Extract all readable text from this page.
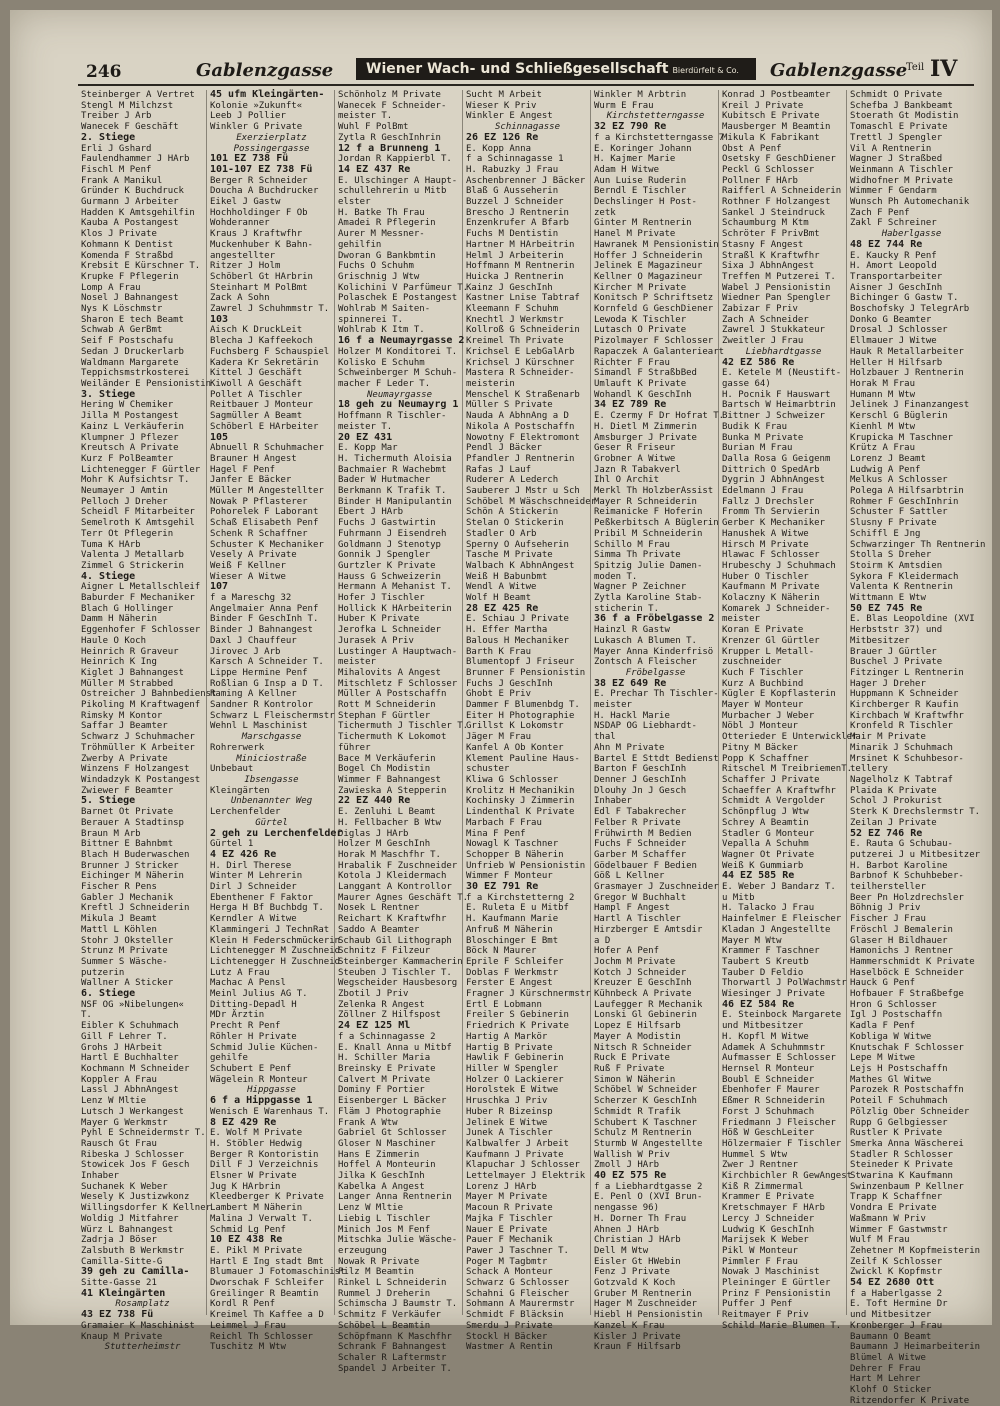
246	Gablenzgasse	Wiener Wach- und Schließgesellschaft Bierdürfelt & Co.	Gablenzgasse
Teil IV
Steinberger A Vertret
Stengl M Milchzst
Treiber J Arb
Wanecek F Geschäft
2. Stiege
Erli J Gshard
Faulendhammer J HArb
Fischl M Penf
Frank A Manikul
Gründer K Buchdruck
Gurmann J Arbeiter
Hadden K Amtsgehilfin
Kauba A Postangest
Klos J Private
Kohmann K Dentist
Komenda F Straßbd
Krebsit E Kürschner T.
Krupke F Pflegerin
Lomp A Frau
Nosel J Bahnangest
Nys K Löschmstr
Sharon E tech Beamt
Schwab A GerBmt
Seif F Postschafu
Sedan J Druckerlarb
Waldmann Margarete
Teppichsmstrkosterei
Weiländer E Pensionistin
3. Stiege
Hering W Chemiker
Jilla M Postangest
Kainz L Verkäuferin
Klumpner J Pflezer
Kreutsch A Private
Kurz F PolBeamter
Lichtenegger F Gürtler
Mohr K Aufsichtsr T.
Neumayer J Amtin
Pelloch J Dreher
Scheidl F Mitarbeiter
Semelroth K Amtsgehil
Terr Ot Pflegerin
Tuma K HArb
Valenta J Metallarb
Zimmel G Strickerin
4. Stiege
Aigner L Metallschleif
Baburder F Mechaniker
Blach G Hollinger
Damm H Näherin
Eggenhofer F Schlosser
Haule O Koch
Heinrich R Graveur
Heinrich K Ing
Kiglet J Bahnangest
Müller M Strabbed
Ostreicher J Bahnbedienst
Pikoling M Kraftwagenf
Rimsky M Kontor
Saffar J Beamter
Schwarz J Schuhmacher
Tröhmüller K Arbeiter
Zwerby A Private
Winzens F Holzangest
Windadzyk K Postangest
Zwiewer F Beamter
5. Stiege
Barnet Ot Private
Berauer A Stadtinsp
Braun M Arb
Bittner E Bahnbmt
Blach H Buderwaschen
Brunner J Stricker
Eichinger M Näherin
Fischer R Pens
Gabler J Mechanik
Kreftl J Schneiderin
Mikula J Beamt
Mattl L Köhlen
Stohr J Oksteller
Strunz M Private
Summer S Wäsche-
putzerin
Wallner A Sticker
6. Stiege
NSF OG »Nibelungen«
T.
Eibler K Schuhmach
Gill F Lehrer T.
Grohs J HArbeit
Hartl E Buchhalter
Kochmann M Schneider
Koppler A Frau
Lassl J AbhnAngest
Lenz W Mltie
Lutsch J Werkangest
Mayer G Werkmstr
Pyhl E Schneidermstr T.
Rausch Gt Frau
Ribeska J Schlosser
Stowicek Jos F Gesch
Inhaber
Suchanek K Weber
Wesely K Justizwkonz
Willingsdorfer K Kellner
Woldig J Mitfahrer
Würz L Bahnangest
Zadrja J Böser
Zalsbuth B Werkmstr
Camilla-Sitte-G
39 geh zu Camilla-
Sitte-Gasse 21
41 Kleingärten
Rosamplatz
43 EZ 738 Fü
Gramaier K Maschinist
Knaup M Private
Stutterheimstr
45 ufm Kleingärten-
Kolonie »Zukunft«
Leeb J Pollier
Winkler G Private
Exerzierplatz
Possingergasse
101 EZ 738 Fü
101-107 EZ 738 Fü
Berger R Schneider
Doucha A Buchdrucker
Eikel J Gastw
Hochholdinger F Ob
Wohderanner
Kraus J Kraftwfhr
Muckenhuber K Bahn-
angestellter
Ritzer J Holm
Schöberl Gt HArbrin
Steinhart M PolBmt
Zack A Sohn
Zawrel J Schuhmmstr T.
103
Aisch K DruckLeit
Blecha J Kaffeekoch
Fuchsberg F Schauspiel
Kadera Kr Sekretärin
Kittel J Geschäft
Kiwoll A Geschäft
Pollet A Tischler
Reitbauer J Monteur
Sagmüller A Beamt
Schöberl E HArbeiter
105
Abnuell R Schuhmacher
Brauner H Angest
Hagel F Penf
Janfer E Bäcker
Müller M Angestellter
Nowak P Pflasterer
Pohorelek F Laborant
Schaß Elisabeth Penf
Schenk R Schaffner
Schuster K Mechaniker
Vesely A Private
Weiß F Kellner
Wieser A Witwe
107
f a Mareschg 32
Angelmaier Anna Penf
Binder F GeschInh T.
Binder J Bahnangest
Daxl J Chauffeur
Jirovec J Arb
Karsch A Schneider T.
Lippe Hermine Penf
Roßlian G Insp a D T.
Raming A Kellner
Sandner R Kontrolor
Schwarz L Fleischermstr
Wehnl L Maschinist
Marschgasse
Rohrerwerk
Miniciostraße
Unbebaut
Ibsengasse
Kleingärten
Unbenannter Weg
Lerchenfelder
Gürtel
2 geh zu Lerchenfelder
Gürtel 1
4 EZ 426 Re
H. Dirl Therese
Winter M Lehrerin
Dirl J Schneider
Ebenthener F Faktor
Herga H Bf Buchbdg T.
Kerndler A Witwe
Klammingeri J TechnRat
Klein H Federschmückerin
Lichtenegger M Zuschneid
Lichtenegger H Zuschneid
Lutz A Frau
Machac A Pensl
Meinl Julius AG T.
Ditting-Depadl H
MDr Ärztin
Precht R Penf
Röhler H Private
Schmid Julie Küchen-
gehilfe
Schubert E Penf
Wägelein R Monteur
Hippgasse
6 f a Hippgasse 1
Wenisch E Warenhaus T.
8 EZ 429 Re
E. Wolf M Private
H. Stöbler Hedwig
Berger R Kontoristin
Dill F J Verzeichnis
Elsner W Private
Jug K HArbrin
Kleedberger K Private
Lambert M Näherin
Malina J Verwalt T.
Schmid Lg Penf
10 EZ 438 Re
E. Pikl M Private
Hartl E Ing stadt Bmt
Blumauer J Fotomaschinist
Dworschak F Schleifer
Greilinger R Beamtin
Kordl R Penf
Kreimel Th Kaffee a D
Leimmel J Frau
Reichl Th Schlosser
Tuschitz M Wtw
Schönholz M Private
Wanecek F Schneider-
meister T.
Wuhl F PolBmt
Zytla R GeschInhrin
12 f a Brunneng 1
Jordan R Kappierbl T.
14 EZ 437 Re
E. Ulschinger A Haupt-
schullehrerin u Mitb
elster
H. Batke Th Frau
Amadei R Pflegerin
Aurer M Messner-
gehilfin
Dworan G Bankbmtin
Fuchs O Schuhm
Grischnig J Wtw
Kolichini V Parfümeur T.
Polaschek E Postangest
Wohlrab M Saiten-
spinnerei T.
Wohlrab K Itm T.
16 f a Neumayrgasse 2
Holzer M Konditorei T.
Kolisko E Schuhm
Schweinberger M Schuh-
macher F Leder T.
Neumayrgasse
18 geh zu Neumayrg 1
Hoffmann R Tischler-
meister T.
20 EZ 431
E. Kopp Mar
H. Tichermuth Aloisia
Bachmaier R Wachebmt
Bader W Hutmacher
Berkmann K Trafik T.
Binder H Manipulantin
Ebert J HArb
Fuchs J Gastwirtin
Fuhrmann J Eisendreh
Goldmann J Stenotyp
Gonnik J Spengler
Gurtzler K Private
Hauss G Schweizerin
Hermann A Mehanist T.
Hofer J Tischler
Hollick K HArbeiterin
Huber K Private
Jerofka L Schneider
Jurasek A Priv
Lustinger A Hauptwach-
meister
Mihalovits A Angest
Mitschletz F Schlosser
Müller A Postschaffn
Rott M Schneiderin
Stephan F Gürtler
Tichermuth J Tischler T.
Tichermuth K Lokomot
führer
Bace M Verkäuferin
Bogel Ch Modistin
Wimmer F Bahnangest
Zawieska A Stepperin
22 EZ 440 Re
E. Zenluhi L Beamt
H. Fellbacher B Wtw
Diglas J HArb
Holzer M GeschInh
Horak M Maschfhr T.
Hrabalik F Zuschneider
Kotola J Kleidermach
Langgant A Kontrollor
Maurer Agnes Geschäft T.
Nosek L Rentner
Reichart K Kraftwfhr
Saddo A Beamter
Schaub Gil Lithograph
Schnitz F Filzeur
Steinberger Kammacherin
Steuben J Tischler T.
Wegscheider Hausbesorg
Zbotil J Priv
Zelenka R Angest
Zöllner Z Hilfspost
24 EZ 125 Ml
f a Schinnagasse 2
E. Knall Anna u Mitbf
H. Schiller Maria
Breinsky E Private
Calvert M Private
Dominy F Portier
Eisenberger L Bäcker
Fläm J Photographie
Frank A Wtw
Gabriel Gt Schlosser
Gloser N Maschiner
Hans E Zimmerin
Hoffel A Monteurin
Jilka K GeschInh
Kabelka A Angest
Langer Anna Rentnerin
Lenz W Mltie
Liebig L Tischler
Minich Jos M Fenf
Mitschka Julie Wäsche-
erzeugung
Nowak R Private
Pilz M Beamtin
Rinkel L Schneiderin
Rummel J Dreherin
Schimscha J Baumstr T.
Schmitz F Verkäufer
Schöbel L Beamtin
Schöpfmann K Maschfhr
Schrank F Bahnangest
Schaler R Laftermstr
Spandel J Arbeiter T.
Sucht M Arbeit
Wieser K Priv
Winkler E Angest
Schinnagasse
26 EZ 126 Re
E. Kopp Anna
f a Schinnagasse 1
H. Rabuzky J Frau
Aschenbrenner J Bäcker
Blaß G Ausseherin
Buzzel J Schneider
Brescho J Rentnerin
Enzenkrufer A Bfarb
Fuchs M Dentistin
Hartner M HArbeitrin
Helml J Arbeiterin
Hoffmann M Rentnerin
Huicka J Rentnerin
Kainz J GeschInh
Kastner Lnise Tabtraf
Kleemann F Schuhm
Knechtl J Werkmstr
Kollroß G Schneiderin
Kreimel Th Private
Krichsel E LebGalArb
Krichsel J Kürschner
Mastera R Schneider-
meisterin
Menschel K Straßenarb
Müller S Private
Nauda A AbhnAng a D
Nikola A Postschaffn
Nowotny F Elektromont
Pendl J Bäcker
Pfandler J Rentnerin
Rafas J Lauf
Ruderer A Lederch
Sauberer J Mstr u Sch
Schöbel M Wäschschneider
Schön A Stickerin
Stelan O Stickerin
Stadler O Arb
Sperny O Aufseherin
Tasche M Private
Walbach K AbhnAngest
Weiß H Babunbmt
Wendl A Witwe
Wolf H Beamt
28 EZ 425 Re
E. Schiau J Private
H. Effer Martha
Balous H Mechaniker
Barth K Frau
Blumentopf J Friseur
Brunner F Pensionistin
Fuchs J GeschInh
Ghobt E Priv
Dammer F Blumenbdg T.
Eiter H Photographie
Grillst K Lokomstr
Jäger M Frau
Kanfel A Ob Konter
Klement Pauline Haus-
schuster
Kliwa G Schlosser
Krolitz H Mechanikin
Kochinsky J Zimmerin
Lindenthal K Private
Marbach F Frau
Mina F Penf
Nowagl K Taschner
Schopper B Näherin
Unfrieb W Pensionistin
Wimmer F Monteur
30 EZ 791 Re
f a Kirchstetterng 2
E. Ruleta E u Mitbf
H. Kaufmann Marie
Anfruß M Näherin
Bloschinger E Bmt
Böck N Maurer
Eprile F Schleifer
Doblas F Werkmstr
Ferster E Angest
Fragner J Kürschnermstr
Ertl E Lobmann
Freiler S Gebinerin
Friedrich K Private
Hartig A Markör
Hartig B Private
Hawlik F Gebinerin
Hiller W Spengler
Holzer O Lackierer
Horolstek E Witwe
Hruschka J Priv
Huber R Bizeinsp
Jelinek E Witwe
Junek A Tischler
Kalbwalfer J Arbeit
Kaufmann J Private
Klapuchar J Schlosser
Lettelmayer J Elektrik
Lorenz J HArb
Mayer M Private
Macoun R Private
Majka F Tischler
Nauer E Private
Pauer F Mechanik
Pawer J Taschner T.
Poger M Tagbmtr
Schack A Monteur
Schwarz G Schlosser
Schahni G Fleischer
Sohmann A Maurermstr
Schmidt F Bläcksin
Smerdu J Private
Stockl H Bäcker
Wastmer A Rentin
Winkler M Arbtrin
Wurm E Frau
Kirchstetterngasse
32 EZ 790 Re
f a Kirchstetterngasse 7
E. Koringer Johann
H. Kajmer Marie
Adam H Witwe
Aun Luise Ruderin
Berndl E Tischler
Dechslinger H Post-
zetk
Ginter M Rentnerin
Hanel M Private
Hawranek M Pensionistin
Hoffer J Schneiderin
Jelinek E Magazineur
Kellner O Magazineur
Kircher M Private
Konitsch P Schriftsetz
Kornfeld G GeschDiener
Lewoda K Tischler
Lutasch O Private
Pizolmayer F Schlosser
Rapaczek A Galanterieart
Richter F Frau
Simandl F StraßbBed
Umlauft K Private
Wohandl K GeschInh
34 EZ 789 Re
E. Czermy F Dr Hofrat T.
H. Dietl M Zimmerin
Amsburger J Private
Geser R Friseur
Grobner A Witwe
Jazn R Tabakverl
Ihl O Archit
Merkl Th HolzberAssist
Mayer R Schneiderin
Reimanicke F Hoferin
Peßkerbitsch A Büglerin
Pribil M Schneiderin
Schillo M Frau
Simma Th Private
Spitzig Julie Damen-
moden T.
Wagner P Zeichner
Zytla Karoline Stab-
sticherin T.
36 f a Fröbelgasse 2
Hainzl R Gastw
Lukasch A Blumen T.
Mayer Anna Kinderfrisö
Zontsch A Fleischer
Fröbelgasse
38 EZ 649 Re
E. Prechar Th Tischler-
meister
H. Hackl Marie
NSDAP OG Liebhardt-
thal
Ahn M Private
Bartel E Sttdt Bedienst
Barton F GeschInh
Denner J GeschInh
Dlouhy Jn J Gesch
Inhaber
Edl F Tabakrecher
Felber R Private
Frühwirth M Bedien
Fuchs F Schneider
Garber M Schaffer
Gödelbauer F Bedien
Göß L Kellner
Grasmayer J Zuschneider
Gregor W Buchhalt
Hampl F Angest
Hartl A Tischler
Hirzberger E Amtsdir
a D
Hofer A Penf
Jochm M Private
Kotch J Schneider
Kreuzer E GeschInh
Kühnbeck A Private
Laufegger R Mechanik
Lonski Gl Gebinerin
Lopez E Hilfsarb
Mayer A Modistin
Nitsch R Schneider
Ruck E Private
Ruß F Private
Simon W Näherin
Schöbel W Schneider
Scherzer K GeschInh
Schmidt R Trafik
Schubert K Taschner
Schulz M Rentnerin
Sturmb W Angestellte
Wallish W Priv
Zmoll J HArb
40 EZ 575 Re
f a Liebhardtgasse 2
E. Penl O (XVI Brun-
nengasse 96)
H. Dorner Th Frau
Ahnen J HArb
Christian J HArb
Dell M Wtw
Eisler Gt HWebin
Fenz J Private
Gotzvald K Koch
Gruber M Rentnerin
Hager M Zuschneider
Hiebl H Pensionistin
Kanzel K Frau
Kisler J Private
Kraun F Hilfsarb
Konrad J Postbeamter
Kreil J Private
Kubitsch E Private
Mausberger M Beamtin
Mikula K Fabrikant
Obst A Penf
Osetsky F GeschDiener
Peckl G Schlosser
Pollner F HArb
Raifferl A Schneiderin
Rothner F Holzangest
Sankel J Steindruck
Schaumburg M Ktm
Schröter F PrivBmt
Stasny F Angest
Straßl K Kraftwfhr
Sixa J AbhnAngest
Treffen M Putzerei T.
Wabel J Pensionistin
Wiedner Pan Spengler
Zabizar F Priv
Zach A Schneider
Zawrel J Stukkateur
Zweitler J Frau
Liebhardtgasse
42 EZ 586 Re
E. Ketele M (Neustift-
gasse 64)
H. Pocnik F Hauswart
Bartsch W Heimarbtrin
Bittner J Schweizer
Budik K Frau
Bunka M Private
Burian M Frau
Dalla Rosa G Geigenm
Dittrich O SpedArb
Dygrin J AbhnAngest
Edelmann J Frau
Fallz J Drechsler
Fromm Th Servierin
Gerber K Mechaniker
Hanushek A Witwe
Hirsch M Private
Hlawac F Schlosser
Hrubeschy J Schuhmach
Huber O Tischler
Kaufmann M Private
Kolaczny K Näherin
Komarek J Schneider-
meister
Koran E Private
Krenzer Gl Gürtler
Krupper L Metall-
zuschneider
Kuch F Tischler
Kurz A Buchbind
Kügler E Kopflasterin
Mayer W Monteur
Murbacher J Weber
Nöbl J Monteur
Otterieder E Unterwickler
Pitny M Bäcker
Popp K Schaffner
Ritschel M TreibriemenT.
Schaffer J Private
Schaeffer A Kraftwfhr
Schmidt A Vergolder
Schönpflug J Wtw
Schrey A Beamtin
Stadler G Monteur
Vepalla A Schuhm
Wagner Ot Private
Weiß K Gummiarb
44 EZ 585 Re
E. Weber J Bandarz T.
u Mitb
H. Talacko J Frau
Hainfelmer E Fleischer
Kladan J Angestellte
Mayer M Wtw
Krammer F Taschner
Taubert S Kreutb
Tauber D Feldio
Thorwartl J PolWachmstr
Wiesinger J Private
46 EZ 584 Re
E. Steinbock Margarete
und Mitbesitzer
H. Kopfl M Witwe
Adamek A Schuhmmstr
Aufmasser E Schlosser
Hernsel R Monteur
Boubl E Schneider
Ebenhofer F Maurer
Eßmer R Schneiderin
Forst J Schuhmach
Friedmann J Fleischer
Höß W GeschLeiter
Hölzermaier F Tischler
Hummel S Wtw
Zwer J Rentner
Kirchbichler R GewAngest
Kiß R Zimmermal
Krammer E Private
Kretschmayer F HArb
Lercy J Schneider
Ludwig K GeschInh
Marijsek K Weber
Pikl W Monteur
Pimmler F Frau
Nowak J Maschinist
Pleininger E Gürtler
Prinz F Pensionistin
Puffer J Penf
Reitmayer F Priv
Schild Marie Blumen T.
Schmidt O Private
Schefba J Bankbeamt
Stoerath Gt Modistin
Tomaschl E Private
Trettl J Spengler
Vil A Rentnerin
Wagner J Straßbed
Weinmann A Tischler
Widhofner M Private
Wimmer F Gendarm
Wunsch Ph Automechanik
Zach F Penf
Zakl F Schreiner
Haberlgasse
48 EZ 744 Re
E. Kaucky R Penf
H. Amort Leopold
Transportarbeiter
Aisner J GeschInh
Bichinger G Gastw T.
Boschofsky J TelegrArb
Donko G Beamter
Drosal J Schlosser
Ellmauer J Witwe
Hauk R Metallarbeiter
Heller H Hilfsarb
Holzbauer J Rentnerin
Horak M Frau
Humann M Wtw
Jelinek J Finanzangest
Kerschl G Büglerin
Kienhl M Wtw
Krupicka M Taschner
Krütz A Frau
Lorenz J Beamt
Ludwig A Penf
Melkus A Schlosser
Polega A Hilfsarbtrin
Rohmer F GeschInhrin
Schuster F Sattler
Slusny F Private
Schiffl E Jng
Schwarzinger Th Rentnerin
Stolla S Dreher
Stoirm K Amtsdien
Sykora F Kleidermach
Valenta K Rentnerin
Wittmann E Wtw
50 EZ 745 Re
E. Blas Leopoldine (XVI
Herbststr 37) und
Mitbesitzer
Brauer J Gürtler
Buschel J Private
Fitzinger L Rentnerin
Hager J Dreher
Huppmann K Schneider
Kirchberger R Kaufin
Kirchbach W Kraftwfhr
Kronfeld R Tischler
Mair M Private
Minarik J Schuhmach
Mrsinet K Schuhbesor-
tellery
Nagelholz K Tabtraf
Plaida K Private
Schol J Prokurist
Sterk K Drechslermstr T.
Zeilan J Private
52 EZ 746 Re
E. Rauta G Schubau-
putzerei J u Mitbesitzer
H. Barbot Karoline
Barbnof K Schuhbeber-
teilhersteller
Beer Pn Holzdrechsler
Böhnig J Priv
Fischer J Frau
Fröschl J Bemalerin
Glaser H Bildhauer
Hamonichs J Rentner
Hammerschmidt K Private
Haselböck E Schneider
Hauck G Penf
Hofbauer F Straßbefge
Hron G Schlosser
Igl J Postschaffn
Kadla F Penf
Kobliga W Witwe
Knutschak F Schlosser
Lepe M Witwe
Lejs H Postschaffn
Mathes Gl Witwe
Parozek R Postschaffn
Poteil F Schuhmach
Pölzlig Ober Schneider
Rupp G Gelbgiesser
Rustler K Private
Smerka Anna Wäscherei
Stadler R Schlosser
Steineder K Private
Stwarina K Kaufmann
Swinzenbaum P Kellner
Trapp K Schaffner
Vondra E Private
Waßmann W Priv
Wimmer F Gastwmstr
Wulf M Frau
Zehetner M Kopfmeisterin
Zeilf K Schlosser
Zwickl K Kopfmstr
54 EZ 2680 Ott
f a Haberlgasse 2
E. Toft Hermine Dr
und Mitbesitzer
Kronberger J Frau
Baumann O Beamt
Baumann J Heimarbeiterin
Blümel A Witwe
Dehrer F Frau
Hart M Lehrer
Klohf O Sticker
Ritzendorfer K Private
